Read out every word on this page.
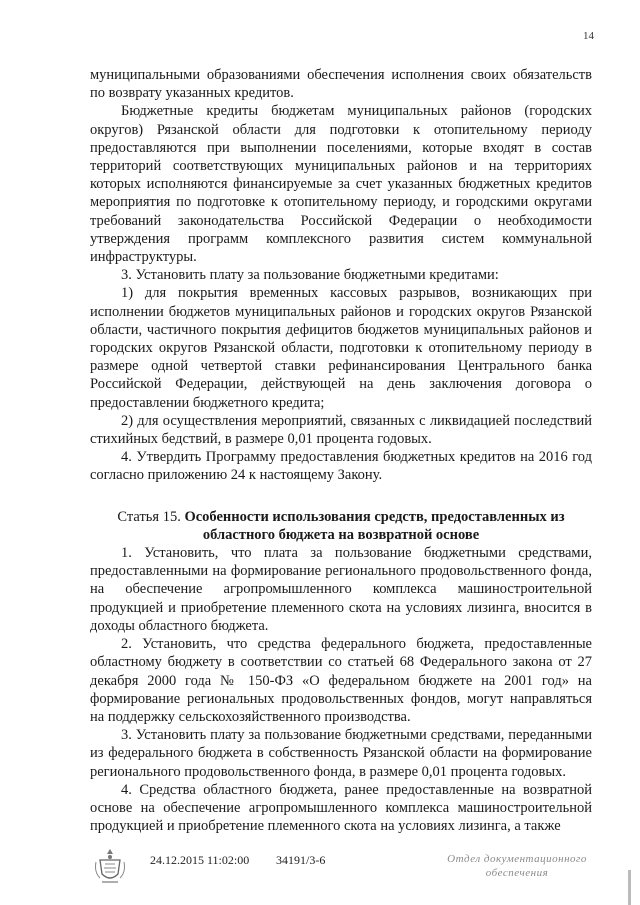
14

муниципальными образованиями обеспечения исполнения своих обязательств по возврату указанных кредитов.

Бюджетные кредиты бюджетам муниципальных районов (городских округов) Рязанской области для подготовки к отопительному периоду предоставляются при выполнении поселениями, которые входят в состав территорий соответствующих муниципальных районов и на территориях которых исполняются финансируемые за счет указанных бюджетных кредитов мероприятия по подготовке к отопительному периоду, и городскими округами требований законодательства Российской Федерации о необходимости утверждения программ комплексного развития систем коммунальной инфраструктуры.

3. Установить плату за пользование бюджетными кредитами:

1) для покрытия временных кассовых разрывов, возникающих при исполнении бюджетов муниципальных районов и городских округов Рязанской области, частичного покрытия дефицитов бюджетов муниципальных районов и городских округов Рязанской области, подготовки к отопительному периоду в размере одной четвертой ставки рефинансирования Центрального банка Российской Федерации, действующей на день заключения договора о предоставлении бюджетного кредита;

2) для осуществления мероприятий, связанных с ликвидацией последствий стихийных бедствий, в размере 0,01 процента годовых.

4. Утвердить Программу предоставления бюджетных кредитов на 2016 год согласно приложению 24 к настоящему Закону.

Статья 15. Особенности использования средств, предоставленных из
областного бюджета на возвратной основе

1. Установить, что плата за пользование бюджетными средствами, предоставленными на формирование регионального продовольственного фонда, на обеспечение агропромышленного комплекса машиностроительной продукцией и приобретение племенного скота на условиях лизинга, вносится в доходы областного бюджета.

2. Установить, что средства федерального бюджета, предоставленные областному бюджету в соответствии со статьей 68 Федерального закона от 27 декабря 2000 года № 150-ФЗ «О федеральном бюджете на 2001 год» на формирование региональных продовольственных фондов, могут направляться на поддержку сельскохозяйственного производства.

3. Установить плату за пользование бюджетными средствами, переданными из федерального бюджета в собственность Рязанской области на формирование регионального продовольственного фонда, в размере 0,01 процента годовых.

4. Средства областного бюджета, ранее предоставленные на возвратной основе на обеспечение агропромышленного комплекса машиностроительной продукцией и приобретение племенного скота на условиях лизинга, а также

24.12.2015 11:02:00 34191/3-6	Отдел документационного
обеспечения
